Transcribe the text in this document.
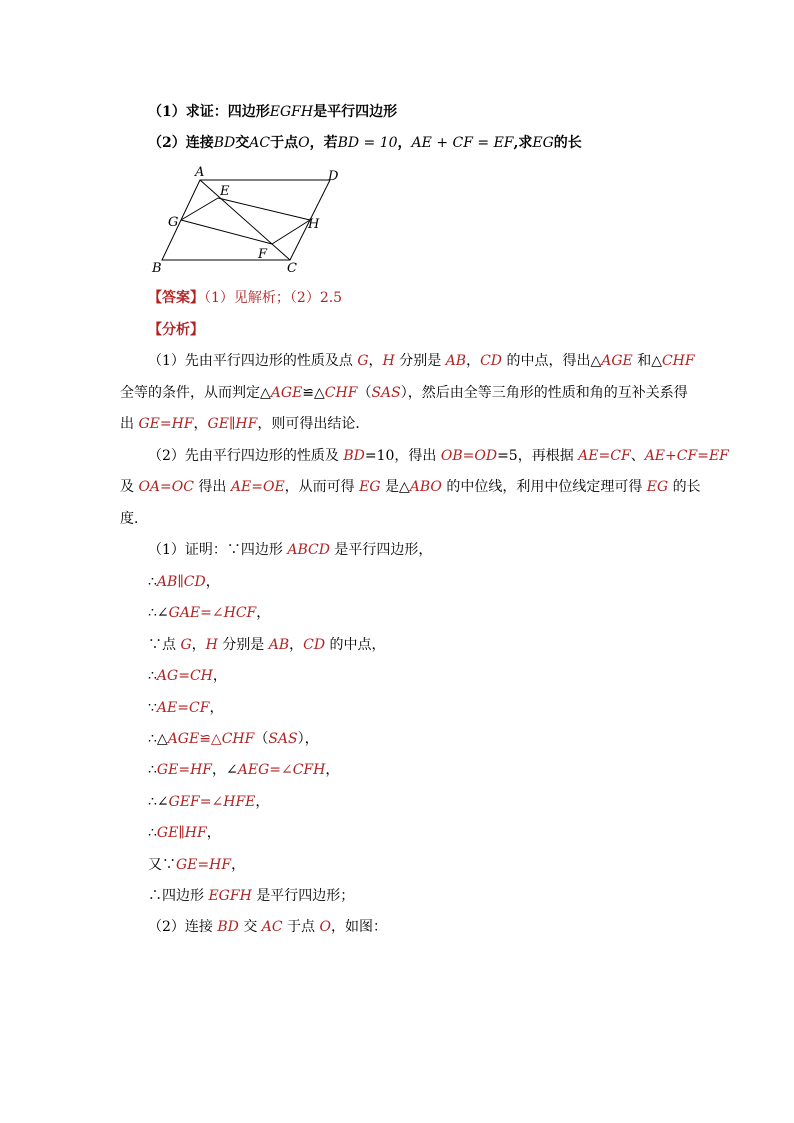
（1）求证：四边形EGFH是平行四边形
（2）连接BD交AC于点O，若BD = 10，AE + CF = EF,求EG的长
A	D
E
G	H
F
B	C
【答案】（1）见解析；（2）2.5
【分析】
（1）先由平行四边形的性质及点 G，H 分别是 AB，CD 的中点，得出△AGE 和△CHF
全等的条件，从而判定△AGE≌△CHF（SAS），然后由全等三角形的性质和角的互补关系得
出 GE=HF，GE∥HF，则可得出结论．
（2）先由平行四边形的性质及 BD=10，得出 OB=OD=5，再根据 AE=CF、AE+CF=EF
及 OA=OC 得出 AE=OE，从而可得 EG 是△ABO 的中位线，利用中位线定理可得 EG 的长
度．
（1）证明：∵四边形 ABCD 是平行四边形，
∴AB∥CD，
∴∠GAE=∠HCF，
∵点 G，H 分别是 AB，CD 的中点，
∴AG=CH，
∵AE=CF，
∴△AGE≌△CHF（SAS），
∴GE=HF，∠AEG=∠CFH，
∴∠GEF=∠HFE，
∴GE∥HF，
又∵GE=HF，
∴四边形 EGFH 是平行四边形；
（2）连接 BD 交 AC 于点 O，如图：
